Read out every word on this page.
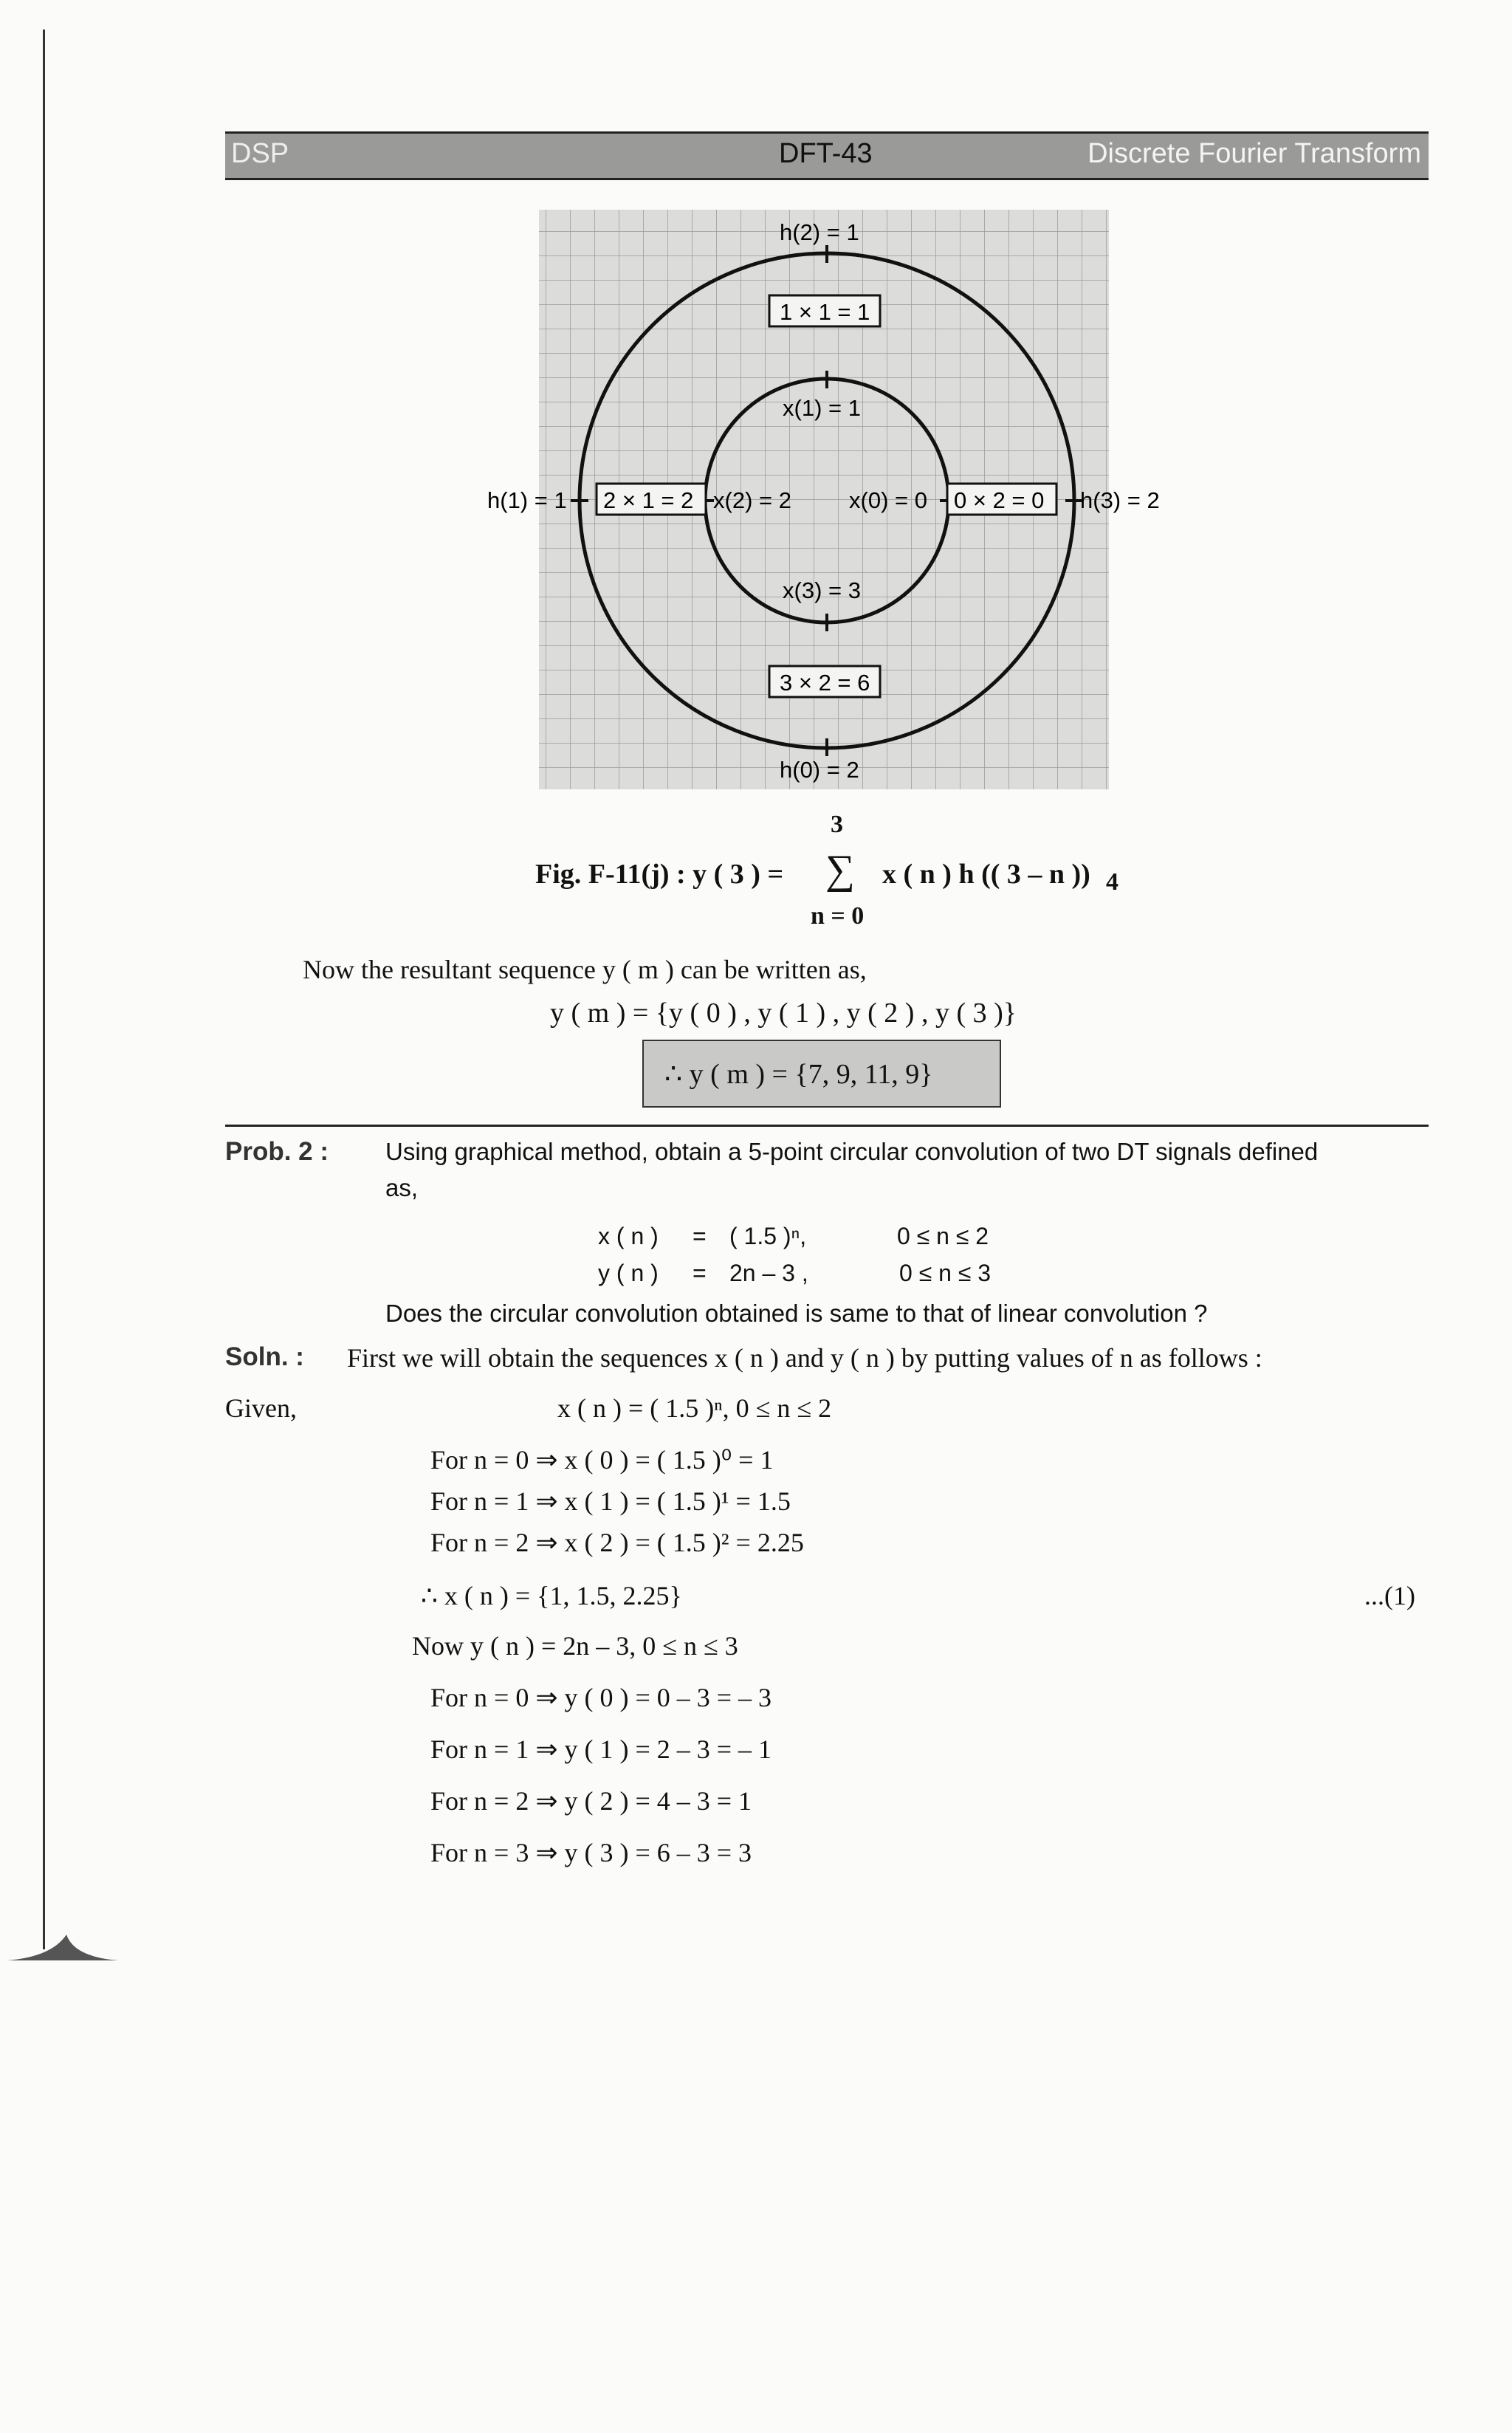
DSP	DFT-43	Discrete Fourier Transform
1 × 1 = 1
2 × 1 = 2	0 × 2 = 0
3 × 2 = 6
h(2) = 1
h(0) = 2
h(1) = 1	h(3) = 2
x(1) = 1
x(3) = 3
x(2) = 2	x(0) = 0
3
Fig. F-11(j) : y ( 3 ) = ∑ x ( n ) h (( 3 – n )) 4
n = 0
Now the resultant sequence y ( m ) can be written as,
y ( m ) = {y ( 0 ) , y ( 1 ) , y ( 2 ) , y ( 3 )}
∴ y ( m ) = {7, 9, 11, 9}
Prob. 2 : Using graphical method, obtain a 5-point circular convolution of two DT signals defined
as,
x ( n ) = ( 1.5 )ⁿ,	0 ≤ n ≤ 2
y ( n ) = 2n – 3 ,	0 ≤ n ≤ 3
Does the circular convolution obtained is same to that of linear convolution ?
Soln. : First we will obtain the sequences x ( n ) and y ( n ) by putting values of n as follows :
Given,	x ( n ) = ( 1.5 )ⁿ, 0 ≤ n ≤ 2
For n = 0 ⇒ x ( 0 ) = ( 1.5 )⁰ = 1
For n = 1 ⇒ x ( 1 ) = ( 1.5 )¹ = 1.5
For n = 2 ⇒ x ( 2 ) = ( 1.5 )² = 2.25
∴ x ( n ) = {1, 1.5, 2.25}	...(1)
Now y ( n ) = 2n – 3, 0 ≤ n ≤ 3
For n = 0 ⇒ y ( 0 ) = 0 – 3 = – 3
For n = 1 ⇒ y ( 1 ) = 2 – 3 = – 1
For n = 2 ⇒ y ( 2 ) = 4 – 3 = 1
For n = 3 ⇒ y ( 3 ) = 6 – 3 = 3
